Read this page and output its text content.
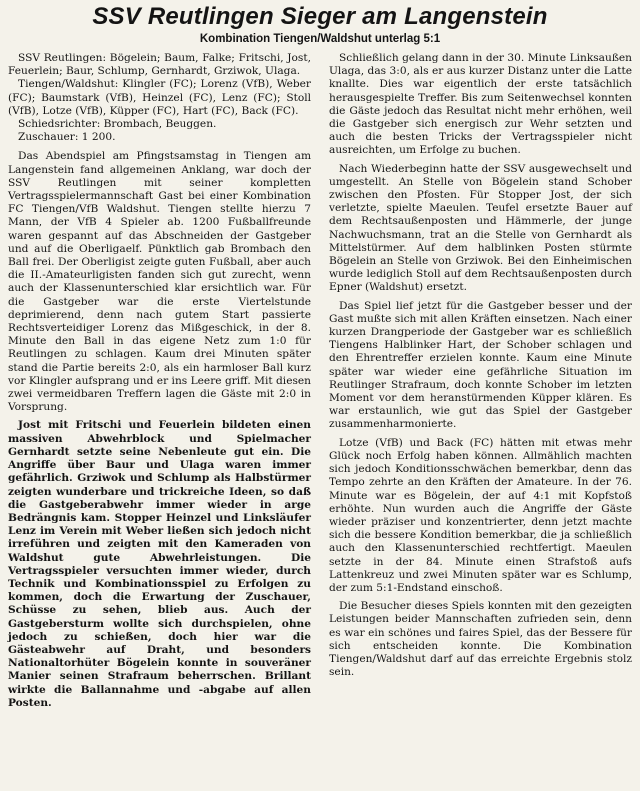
SSV Reutlingen Sieger am Langenstein
Kombination Tiengen/Waldshut unterlag 5:1

SSV Reutlingen: Bögelein; Baum, Falke; Fritschi, Jost, Feuerlein; Baur, Schlump, Gernhardt, Grziwok, Ulaga.

Tiengen/Waldshut: Klingler (FC); Lorenz (VfB), Weber (FC); Baumstark (VfB), Heinzel (FC), Lenz (FC); Stoll (VfB), Lotze (VfB), Küpper (FC), Hart (FC), Back (FC).

Schiedsrichter: Brombach, Beuggen.

Zuschauer: 1 200.

Das Abendspiel am Pfingstsamstag in Tiengen am Langenstein fand allgemeinen Anklang, war doch der SSV Reutlingen mit seiner kompletten Vertragsspielermannschaft Gast bei einer Kombination FC Tiengen/VfB Waldshut. Tiengen stellte hierzu 7 Mann, der VfB 4 Spieler ab. 1200 Fußballfreunde waren gespannt auf das Abschneiden der Gastgeber und auf die Oberligaelf. Pünktlich gab Brombach den Ball frei. Der Oberligist zeigte guten Fußball, aber auch die II.-Amateurligisten fanden sich gut zurecht, wenn auch der Klassenunterschied klar ersichtlich war. Für die Gastgeber war die erste Viertelstunde deprimierend, denn nach gutem Start passierte Rechtsverteidiger Lorenz das Mißgeschick, in der 8. Minute den Ball in das eigene Netz zum 1:0 für Reutlingen zu schlagen. Kaum drei Minuten später stand die Partie bereits 2:0, als ein harmloser Ball kurz vor Klingler aufsprang und er ins Leere griff. Mit diesen zwei vermeidbaren Treffern lagen die Gäste mit 2:0 in Vorsprung.

Jost mit Fritschi und Feuerlein bildeten einen massiven Abwehrblock und Spielmacher Gernhardt setzte seine Nebenleute gut ein. Die Angriffe über Baur und Ulaga waren immer gefährlich. Grziwok und Schlump als Halbstürmer zeigten wunderbare und trickreiche Ideen, so daß die Gastgeberabwehr immer wieder in arge Bedrängnis kam. Stopper Heinzel und Linksläufer Lenz im Verein mit Weber ließen sich jedoch nicht irreführen und zeigten mit den Kameraden von Waldshut gute Abwehrleistungen. Die Vertragsspieler versuchten immer wieder, durch Technik und Kombinationsspiel zu Erfolgen zu kommen, doch die Erwartung der Zuschauer, Schüsse zu sehen, blieb aus. Auch der Gastgebersturm wollte sich durchspielen, ohne jedoch zu schießen, doch hier war die Gästeabwehr auf Draht, und besonders Nationaltorhüter Bögelein konnte in souveräner Manier seinen Strafraum beherrschen. Brillant wirkte die Ballannahme und -abgabe auf allen Posten.

Schließlich gelang dann in der 30. Minute Linksaußen Ulaga, das 3:0, als er aus kurzer Distanz unter die Latte knallte. Dies war eigentlich der erste tatsächlich herausgespielte Treffer. Bis zum Seitenwechsel konnten die Gäste jedoch das Resultat nicht mehr erhöhen, weil die Gastgeber sich energisch zur Wehr setzten und auch die besten Tricks der Vertragsspieler nicht ausreichten, um Erfolge zu buchen.

Nach Wiederbeginn hatte der SSV ausgewechselt und umgestellt. An Stelle von Bögelein stand Schober zwischen den Pfosten. Für Stopper Jost, der sich verletzte, spielte Maeulen. Teufel ersetzte Bauer auf dem Rechtsaußenposten und Hämmerle, der junge Nachwuchsmann, trat an die Stelle von Gernhardt als Mittelstürmer. Auf dem halblinken Posten stürmte Bögelein an Stelle von Grziwok. Bei den Einheimischen wurde lediglich Stoll auf dem Rechtsaußenposten durch Epner (Waldshut) ersetzt.

Das Spiel lief jetzt für die Gastgeber besser und der Gast mußte sich mit allen Kräften einsetzen. Nach einer kurzen Drangperiode der Gastgeber war es schließlich Tiengens Halblinker Hart, der Schober schlagen und den Ehrentreffer erzielen konnte. Kaum eine Minute später war wieder eine gefährliche Situation im Reutlinger Strafraum, doch konnte Schober im letzten Moment vor dem heranstürmenden Küpper klären. Es war erstaunlich, wie gut das Spiel der Gastgeber zusammenharmonierte.

Lotze (VfB) und Back (FC) hätten mit etwas mehr Glück noch Erfolg haben können. Allmählich machten sich jedoch Konditionsschwächen bemerkbar, denn das Tempo zehrte an den Kräften der Amateure. In der 76. Minute war es Bögelein, der auf 4:1 mit Kopfstoß erhöhte. Nun wurden auch die Angriffe der Gäste wieder präziser und konzentrierter, denn jetzt machte sich die bessere Kondition bemerkbar, die ja schließlich auch den Klassenunterschied rechtfertigt. Maeulen setzte in der 84. Minute einen Strafstoß aufs Lattenkreuz und zwei Minuten später war es Schlump, der zum 5:1-Endstand einschoß.

Die Besucher dieses Spiels konnten mit den gezeigten Leistungen beider Mannschaften zufrieden sein, denn es war ein schönes und faires Spiel, das der Bessere für sich entscheiden konnte. Die Kombination Tiengen/Waldshut darf auf das erreichte Ergebnis stolz sein.
